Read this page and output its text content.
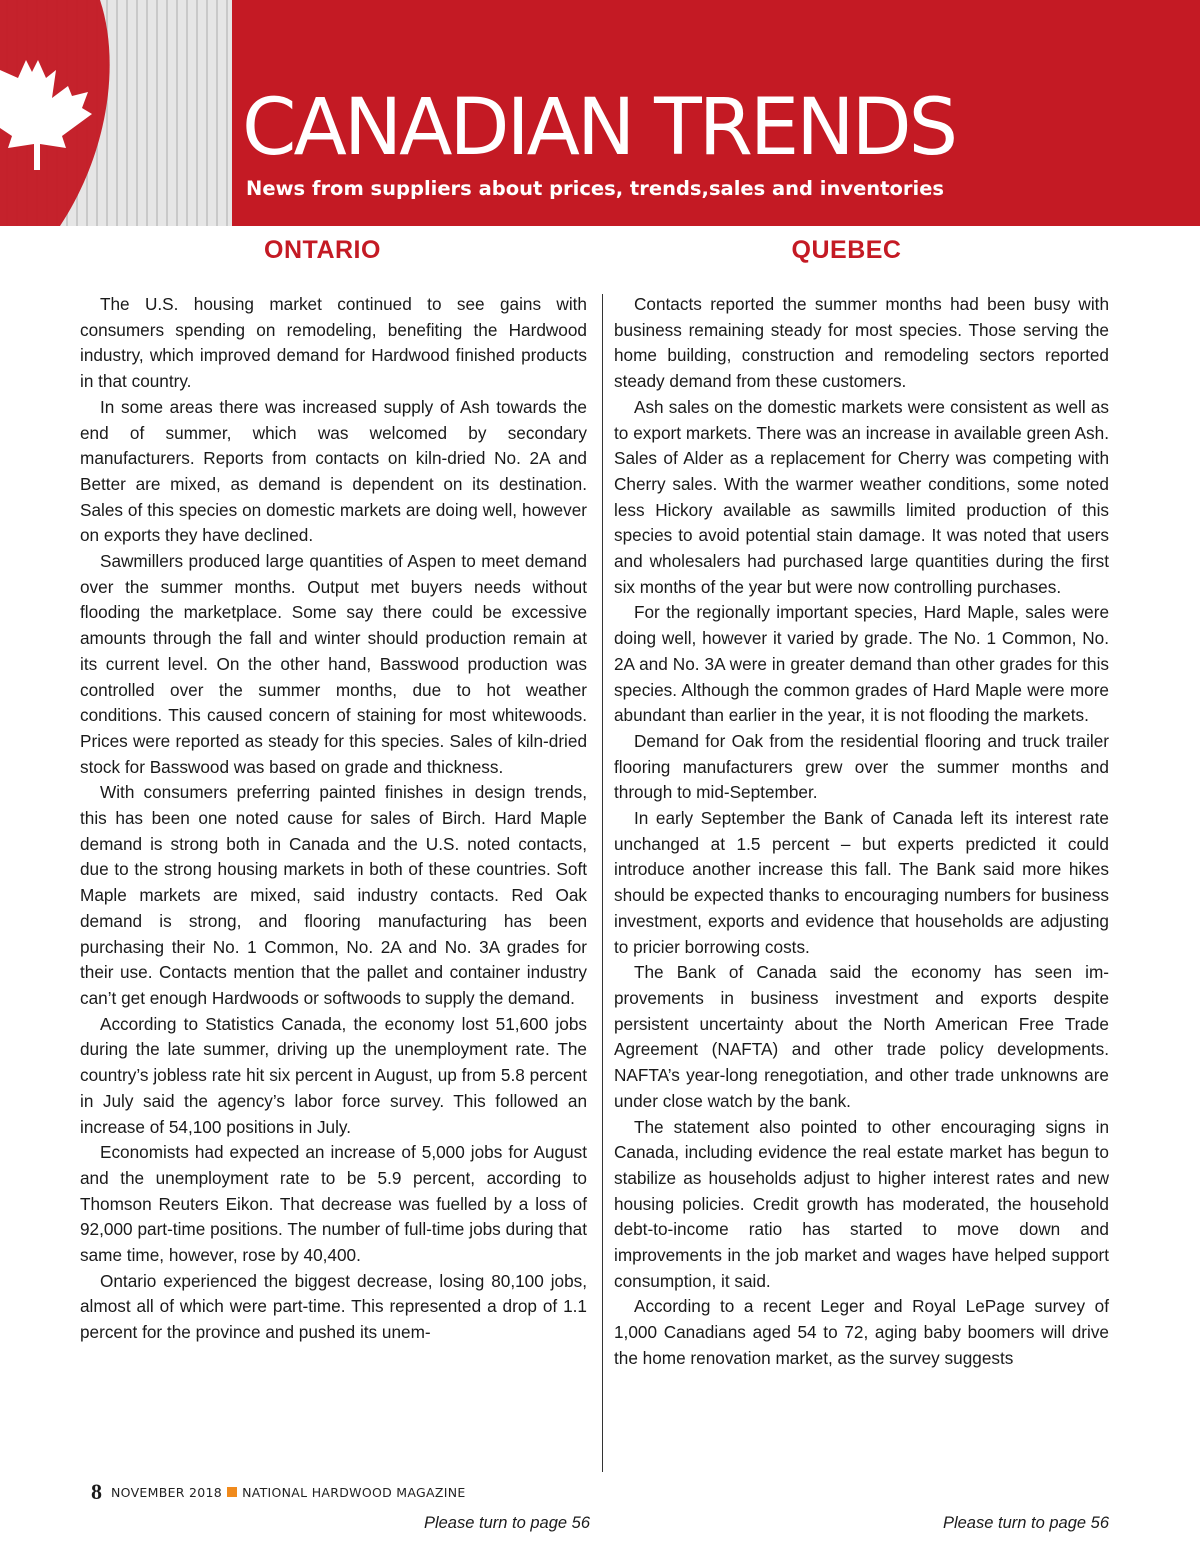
CANADIAN TRENDS

News from suppliers about prices, trends,sales and inventories

ONTARIO	QUEBEC

The U.S. housing market continued to see gains with consumers spending on remodeling, benefiting the Hardwood industry, which improved demand for Hardwood finished products in that country.

In some areas there was increased supply of Ash towards the end of summer, which was welcomed by secondary manufacturers. Reports from contacts on kiln-dried No. 2A and Better are mixed, as demand is dependent on its destination. Sales of this species on domestic markets are doing well, however on exports they have declined.

Sawmillers produced large quantities of Aspen to meet demand over the summer months. Output met buyers needs without flooding the marketplace. Some say there could be excessive amounts through the fall and winter should production remain at its current level. On the other hand, Basswood production was controlled over the summer months, due to hot weather conditions. This caused concern of staining for most whitewoods. Prices were reported as steady for this species. Sales of kiln-dried stock for Basswood was based on grade and thickness.

With consumers preferring painted finishes in design trends, this has been one noted cause for sales of Birch. Hard Maple demand is strong both in Canada and the U.S. noted contacts, due to the strong housing markets in both of these countries. Soft Maple markets are mixed, said industry contacts. Red Oak demand is strong, and flooring manufacturing has been purchasing their No. 1 Common, No. 2A and No. 3A grades for their use. Contacts mention that the pallet and container industry can’t get enough Hardwoods or softwoods to supply the demand.

According to Statistics Canada, the economy lost 51,600 jobs during the late summer, driving up the unemployment rate. The country’s jobless rate hit six percent in August, up from 5.8 percent in July said the agency’s labor force survey. This followed an increase of 54,100 positions in July.

Economists had expected an increase of 5,000 jobs for August and the unemployment rate to be 5.9 percent, according to Thomson Reuters Eikon. That decrease was fuelled by a loss of 92,000 part-time positions. The number of full-time jobs during that same time, however, rose by 40,400.

Ontario experienced the biggest decrease, losing 80,100 jobs, almost all of which were part-time. This represented a drop of 1.1 percent for the province and pushed its unem-

Contacts reported the summer months had been busy with business remaining steady for most species. Those serving the home building, construction and remodeling sectors reported steady demand from these customers.

Ash sales on the domestic markets were consistent as well as to export markets. There was an increase in available green Ash. Sales of Alder as a replacement for Cherry was competing with Cherry sales. With the warmer weather conditions, some noted less Hickory available as sawmills limited production of this species to avoid potential stain damage. It was noted that users and wholesalers had purchased large quantities during the first six months of the year but were now controlling purchases.

For the regionally important species, Hard Maple, sales were doing well, however it varied by grade. The No. 1 Common, No. 2A and No. 3A were in greater demand than other grades for this species. Although the common grades of Hard Maple were more abundant than earlier in the year, it is not flooding the markets.

Demand for Oak from the residential flooring and truck trailer flooring manufacturers grew over the summer months and through to mid-September.

In early September the Bank of Canada left its interest rate unchanged at 1.5 percent – but experts predicted it could introduce another increase this fall. The Bank said more hikes should be expected thanks to encouraging numbers for business investment, exports and evidence that households are adjusting to pricier borrowing costs.

The Bank of Canada said the economy has seen improvements in business investment and exports despite persistent uncertainty about the North American Free Trade Agreement (NAFTA) and other trade policy developments. NAFTA’s year-long renegotiation, and other trade unknowns are under close watch by the bank.

The statement also pointed to other encouraging signs in Canada, including evidence the real estate market has begun to stabilize as households adjust to higher interest rates and new housing policies. Credit growth has moderated, the household debt-to-income ratio has started to move down and improvements in the job market and wages have helped support consumption, it said.

According to a recent Leger and Royal LePage survey of 1,000 Canadians aged 54 to 72, aging baby boomers will drive the home renovation market, as the survey suggests

Please turn to page 56	Please turn to page 56
8 NOVEMBER 2018 NATIONAL HARDWOOD MAGAZINE
